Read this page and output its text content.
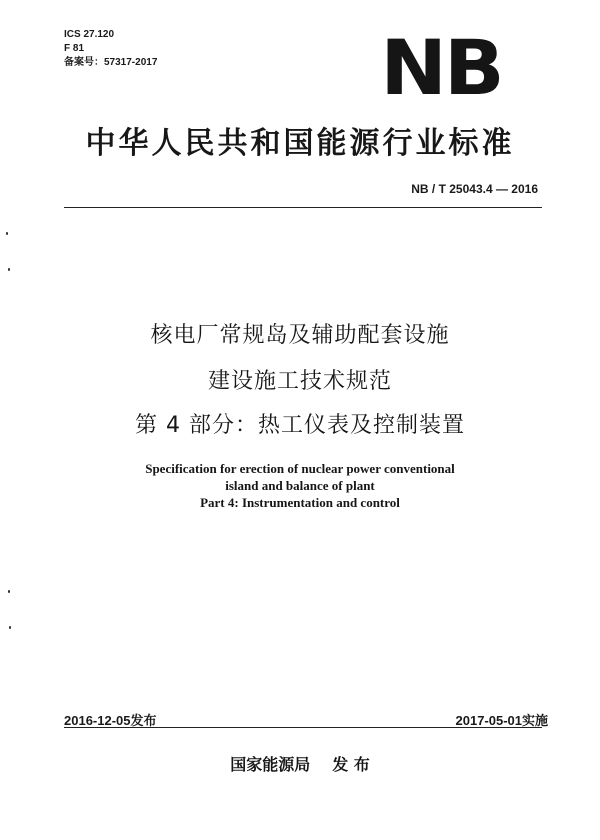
ICS 27.120
F 81
备案号：57317-2017	NB
中华人民共和国能源行业标准
NB / T 25043.4 — 2016
核电厂常规岛及辅助配套设施
建设施工技术规范
第 4 部分：热工仪表及控制装置
Specification for erection of nuclear power conventional
island and balance of plant
Part 4: Instrumentation and control
2016-12-05发布	2017-05-01实施
国家能源局 发 布
